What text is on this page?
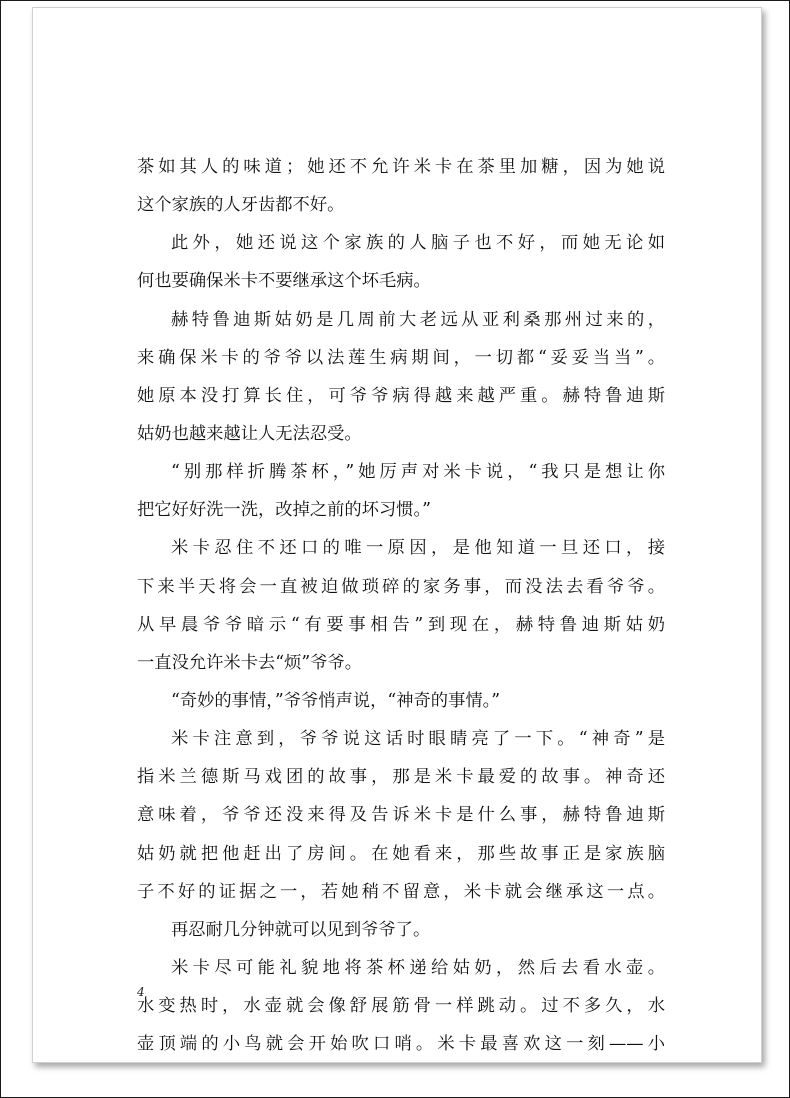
茶如其人的味道；她还不允许米卡在茶里加糖，因为她说
这个家族的人牙齿都不好。
此外，她还说这个家族的人脑子也不好，而她无论如
何也要确保米卡不要继承这个坏毛病。
赫特鲁迪斯姑奶是几周前大老远从亚利桑那州过来的，
来确保米卡的爷爷以法莲生病期间，一切都“妥妥当当”。
她原本没打算长住，可爷爷病得越来越严重。赫特鲁迪斯
姑奶也越来越让人无法忍受。
“别那样折腾茶杯，”她厉声对米卡说，“我只是想让你
把它好好洗一洗，改掉之前的坏习惯。”
米卡忍住不还口的唯一原因，是他知道一旦还口，接
下来半天将会一直被迫做琐碎的家务事，而没法去看爷爷。
从早晨爷爷暗示“有要事相告”到现在，赫特鲁迪斯姑奶
一直没允许米卡去“烦”爷爷。
“奇妙的事情，”爷爷悄声说，“神奇的事情。”
米卡注意到，爷爷说这话时眼睛亮了一下。“神奇”是
指米兰德斯马戏团的故事，那是米卡最爱的故事。神奇还
意味着，爷爷还没来得及告诉米卡是什么事，赫特鲁迪斯
姑奶就把他赶出了房间。在她看来，那些故事正是家族脑
子不好的证据之一，若她稍不留意，米卡就会继承这一点。
再忍耐几分钟就可以见到爷爷了。
米卡尽可能礼貌地将茶杯递给姑奶，然后去看水壶。
水变热时，水壶就会像舒展筋骨一样跳动。过不多久，水
壶顶端的小鸟就会开始吹口哨。米卡最喜欢这一刻——小
4
